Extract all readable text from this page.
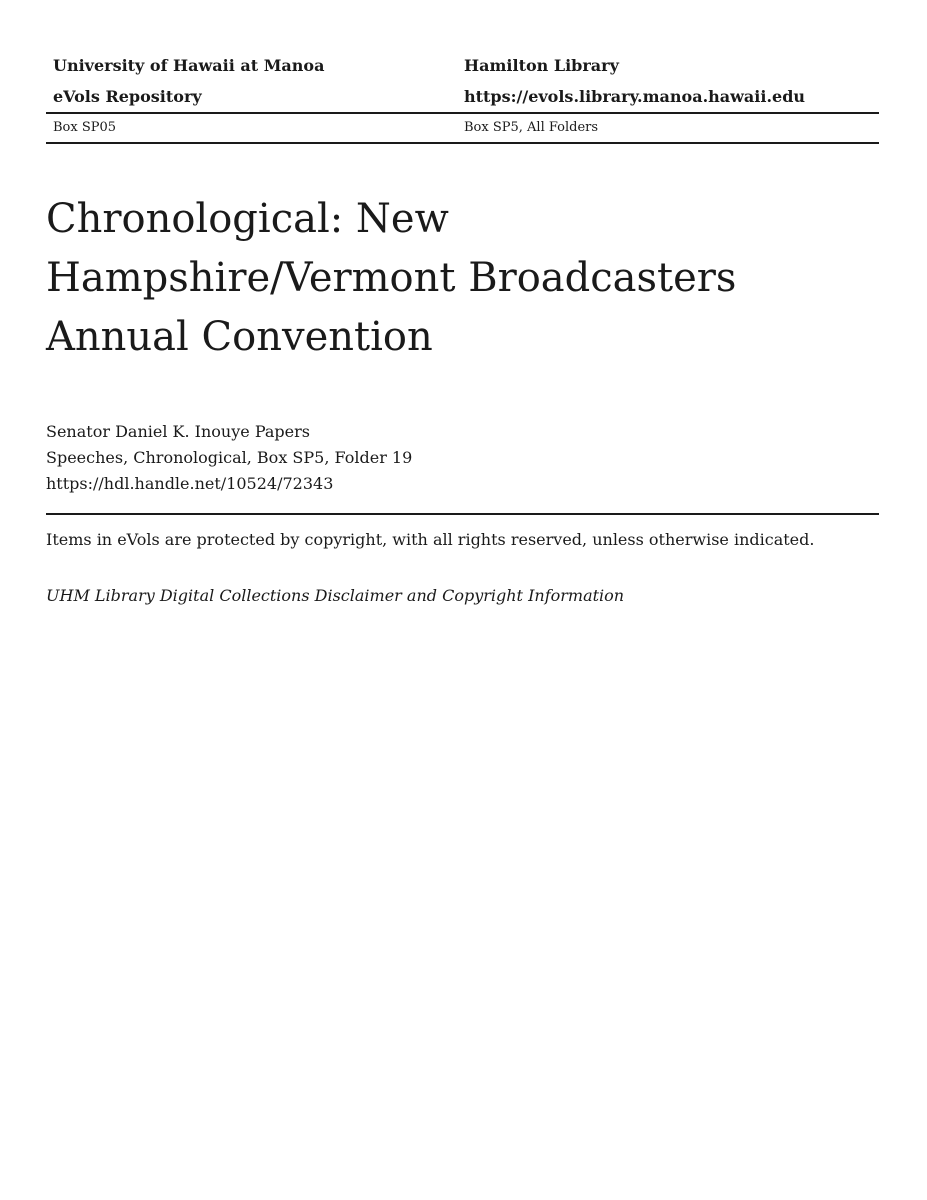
University of Hawaii at Manoa	Hamilton Library
eVols Repository	https://evols.library.manoa.hawaii.edu
Box SP05	Box SP5, All Folders
Chronological: New
Hampshire/Vermont Broadcasters
Annual Convention
Senator Daniel K. Inouye Papers
Speeches, Chronological, Box SP5, Folder 19
https://hdl.handle.net/10524/72343
Items in eVols are protected by copyright, with all rights reserved, unless otherwise indicated.
UHM Library Digital Collections Disclaimer and Copyright Information
